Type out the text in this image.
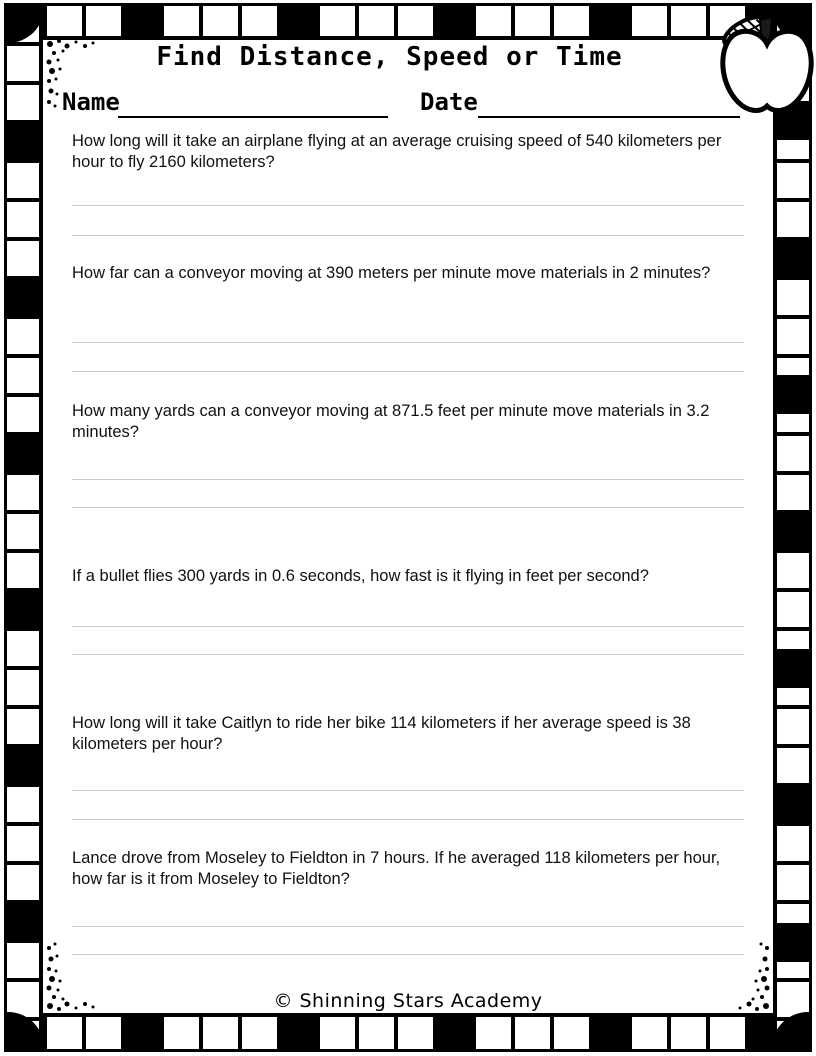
Find Distance, Speed or Time
Name	Date
How long will it take an airplane flying at an average cruising speed of 540 kilometers per hour to fly 2160 kilometers?
How far can a conveyor moving at 390 meters per minute move materials in 2 minutes?
How many yards can a conveyor moving at 871.5 feet per minute move materials in 3.2 minutes?
If a bullet flies 300 yards in 0.6 seconds, how fast is it flying in feet per second?
How long will it take Caitlyn to ride her bike 114 kilometers if her average speed is 38 kilometers per hour?
Lance drove from Moseley to Fieldton in 7 hours. If he averaged 118 kilometers per hour, how far is it from Moseley to Fieldton?
© Shinning Stars Academy
